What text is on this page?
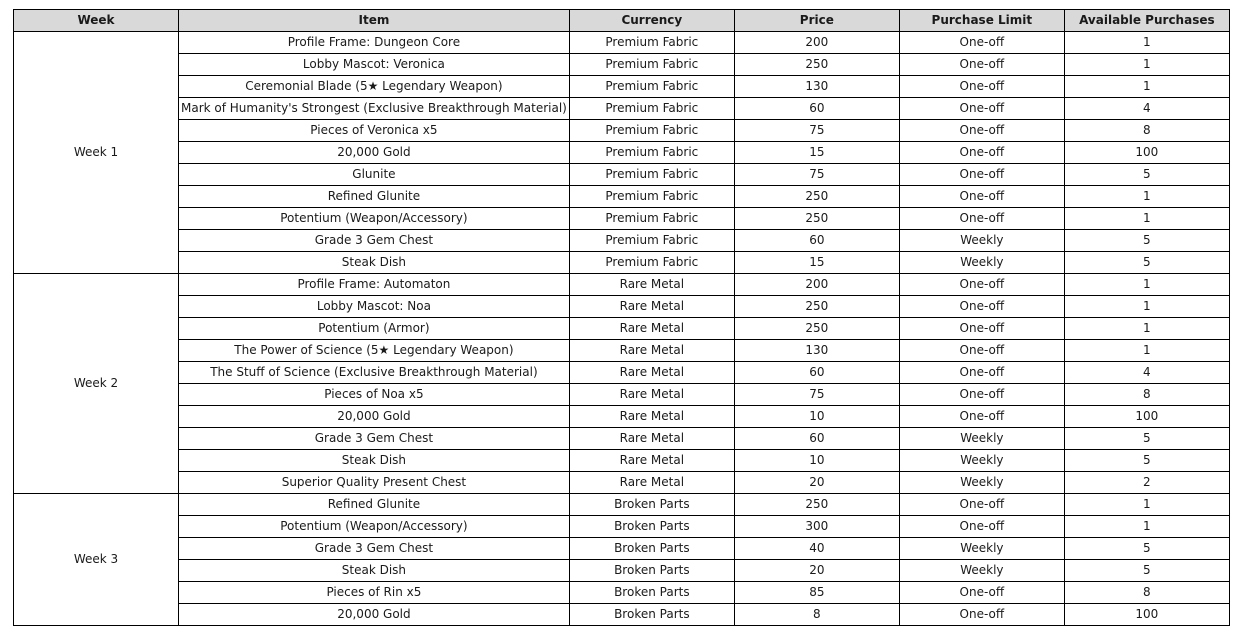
Week	Item	Currency	Price	Purchase Limit	Available Purchases
Week 1	Profile Frame: Dungeon Core	Premium Fabric	200	One-off	1
	Lobby Mascot: Veronica	Premium Fabric	250	One-off	1
	Ceremonial Blade (5★ Legendary Weapon)	Premium Fabric	130	One-off	1
	Mark of Humanity's Strongest (Exclusive Breakthrough Material)	Premium Fabric	60	One-off	4
	Pieces of Veronica x5	Premium Fabric	75	One-off	8
	20,000 Gold	Premium Fabric	15	One-off	100
	Glunite	Premium Fabric	75	One-off	5
	Refined Glunite	Premium Fabric	250	One-off	1
	Potentium (Weapon/Accessory)	Premium Fabric	250	One-off	1
	Grade 3 Gem Chest	Premium Fabric	60	Weekly	5
	Steak Dish	Premium Fabric	15	Weekly	5
Week 2	Profile Frame: Automaton	Rare Metal	200	One-off	1
	Lobby Mascot: Noa	Rare Metal	250	One-off	1
	Potentium (Armor)	Rare Metal	250	One-off	1
	The Power of Science (5★ Legendary Weapon)	Rare Metal	130	One-off	1
	The Stuff of Science (Exclusive Breakthrough Material)	Rare Metal	60	One-off	4
	Pieces of Noa x5	Rare Metal	75	One-off	8
	20,000 Gold	Rare Metal	10	One-off	100
	Grade 3 Gem Chest	Rare Metal	60	Weekly	5
	Steak Dish	Rare Metal	10	Weekly	5
	Superior Quality Present Chest	Rare Metal	20	Weekly	2
Week 3	Refined Glunite	Broken Parts	250	One-off	1
	Potentium (Weapon/Accessory)	Broken Parts	300	One-off	1
	Grade 3 Gem Chest	Broken Parts	40	Weekly	5
	Steak Dish	Broken Parts	20	Weekly	5
	Pieces of Rin x5	Broken Parts	85	One-off	8
	20,000 Gold	Broken Parts	8	One-off	100
